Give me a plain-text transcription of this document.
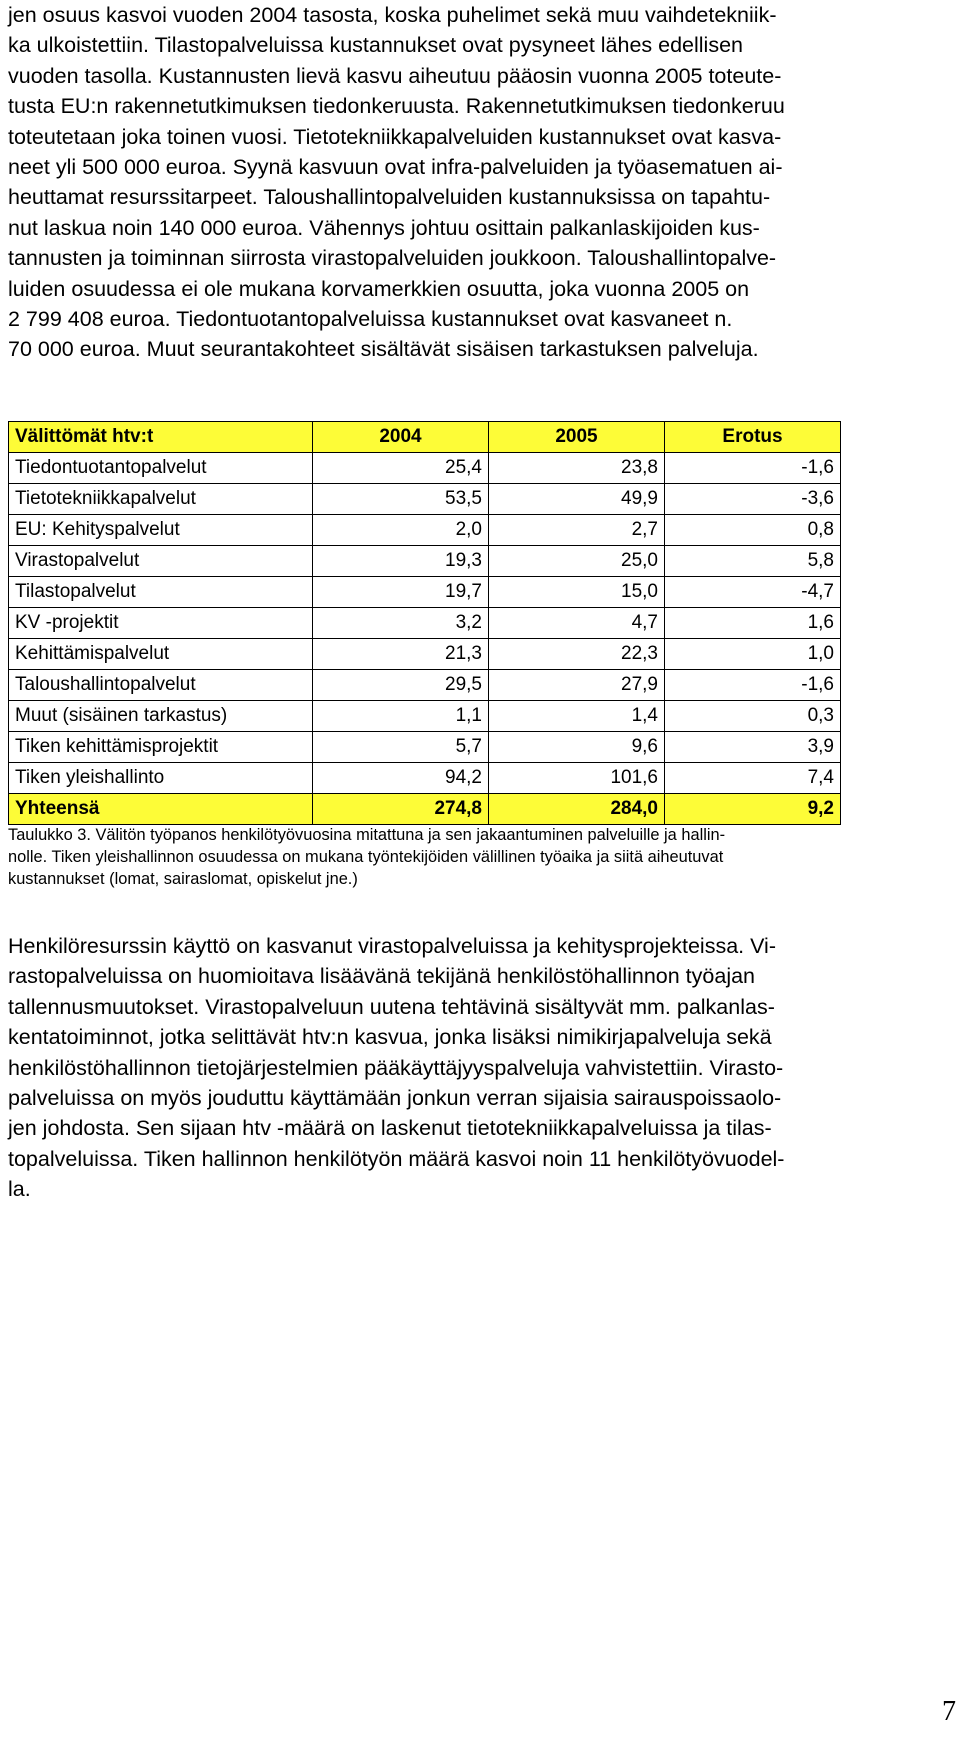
jen osuus kasvoi vuoden 2004 tasosta, koska puhelimet sekä muu vaihdetekniik-
ka ulkoistettiin. Tilastopalveluissa kustannukset ovat pysyneet lähes edellisen
vuoden tasolla. Kustannusten lievä kasvu aiheutuu pääosin vuonna 2005 toteute-
tusta EU:n rakennetutkimuksen tiedonkeruusta. Rakennetutkimuksen tiedonkeruu
toteutetaan joka toinen vuosi. Tietotekniikkapalveluiden kustannukset ovat kasva-
neet yli 500 000 euroa. Syynä kasvuun ovat infra-palveluiden ja työasematuen ai-
heuttamat resurssitarpeet. Taloushallintopalveluiden kustannuksissa on tapahtu-
nut laskua noin 140 000 euroa. Vähennys johtuu osittain palkanlaskijoiden kus-
tannusten ja toiminnan siirrosta virastopalveluiden joukkoon. Taloushallintopalve-
luiden osuudessa ei ole mukana korvamerkkien osuutta, joka vuonna 2005 on
2 799 408 euroa. Tiedontuotantopalveluissa kustannukset ovat kasvaneet n.
70 000 euroa. Muut seurantakohteet sisältävät sisäisen tarkastuksen palveluja.
Välittömät htv:t	2004	2005	Erotus
Tiedontuotantopalvelut	25,4	23,8	-1,6
Tietotekniikkapalvelut	53,5	49,9	-3,6
EU: Kehityspalvelut	2,0	2,7	0,8
Virastopalvelut	19,3	25,0	5,8
Tilastopalvelut	19,7	15,0	-4,7
KV -projektit	3,2	4,7	1,6
Kehittämispalvelut	21,3	22,3	1,0
Taloushallintopalvelut	29,5	27,9	-1,6
Muut (sisäinen tarkastus)	1,1	1,4	0,3
Tiken kehittämisprojektit	5,7	9,6	3,9
Tiken yleishallinto	94,2	101,6	7,4
Yhteensä	274,8	284,0	9,2
Taulukko 3. Välitön työpanos henkilötyövuosina mitattuna ja sen jakaantuminen palveluille ja hallin-
nolle. Tiken yleishallinnon osuudessa on mukana työntekijöiden välillinen työaika ja siitä aiheutuvat
kustannukset (lomat, sairaslomat, opiskelut jne.)
Henkilöresurssin käyttö on kasvanut virastopalveluissa ja kehitysprojekteissa. Vi-
rastopalveluissa on huomioitava lisäävänä tekijänä henkilöstöhallinnon työajan
tallennusmuutokset. Virastopalveluun uutena tehtävinä sisältyvät mm. palkanlas-
kentatoiminnot, jotka selittävät htv:n kasvua, jonka lisäksi nimikirjapalveluja sekä
henkilöstöhallinnon tietojärjestelmien pääkäyttäjyyspalveluja vahvistettiin. Virasto-
palveluissa on myös jouduttu käyttämään jonkun verran sijaisia sairauspoissaolo-
jen johdosta. Sen sijaan htv -määrä on laskenut tietotekniikkapalveluissa ja tilas-
topalveluissa. Tiken hallinnon henkilötyön määrä kasvoi noin 11 henkilötyövuodel-
la.
7
